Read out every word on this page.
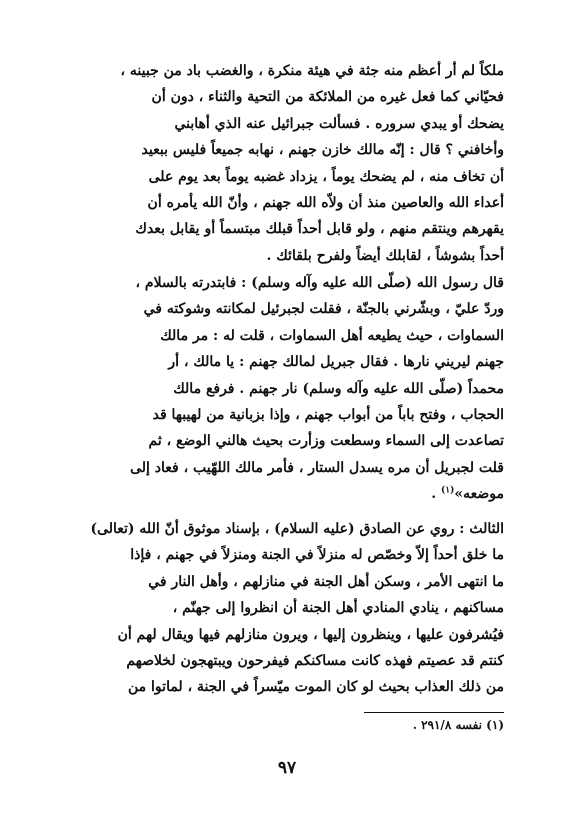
ملكاً لم أر أعظم منه جثة في هيئة منكرة ، والغضب باد من جبينه ،
فحيّاني كما فعل غيره من الملائكة من التحية والثناء ، دون أن
يضحك أو يبدي سروره . فسألت جبرائيل عنه الذي أهابني
وأخافني ؟ قال : إنّه مالك خازن جهنم ، نهابه جميعاً فليس ببعيد
أن تخاف منه ، لم يضحك يوماً ، يزداد غضبه يوماً بعد يوم على
أعداء الله والعاصين منذ أن ولاّه الله جهنم ، وأنّ الله يأمره أن
يقهرهم وينتقم منهم ، ولو قابل أحداً قبلك مبتسماً أو يقابل بعدك
أحداً بشوشاً ، لقابلك أيضاً ولفرح بلقائك .
قال رسول الله (صلّى الله عليه وآله وسلم) : فابتدرته بالسلام ،
وردّ عليّ ، وبشّرني بالجنّة ، فقلت لجبرئيل لمكانته وشوكته في
السماوات ، حيث يطيعه أهل السماوات ، قلت له : مر مالك
جهنم ليريني نارها . فقال جبريل لمالك جهنم : يا مالك ، أر
محمداً (صلّى الله عليه وآله وسلم) نار جهنم . فرفع مالك
الحجاب ، وفتح باباً من أبواب جهنم ، وإذا بزبانية من لهيبها قد
تصاعدت إلى السماء وسطعت وزأرت بحيث هالني الوضع ، ثم
قلت لجبريل أن مره يسدل الستار ، فأمر مالك اللهّيب ، فعاد إلى
موضعه»$^{(١)}$ .
الثالث : روي عن الصادق (عليه السلام) ، بإسناد موثوق أنّ الله (تعالى)
ما خلق أحداً إلاّ وخصّص له منزلاً في الجنة ومنزلاً في جهنم ، فإذا
ما انتهى الأمر ، وسكن أهل الجنة في منازلهم ، وأهل النار في
مساكنهم ، ينادي المنادي أهل الجنة أن انظروا إلى جهنّم ،
فيُشرفون عليها ، وينظرون إليها ، ويرون منازلهم فيها ويقال لهم أن
كنتم قد عصيتم فهذه كانت مساكنكم فيفرحون ويبتهجون لخلاصهم
من ذلك العذاب بحيث لو كان الموت ميّسراً في الجنة ، لماتوا من
(١) نفسه ٢٩١/٨ .
٩٧
